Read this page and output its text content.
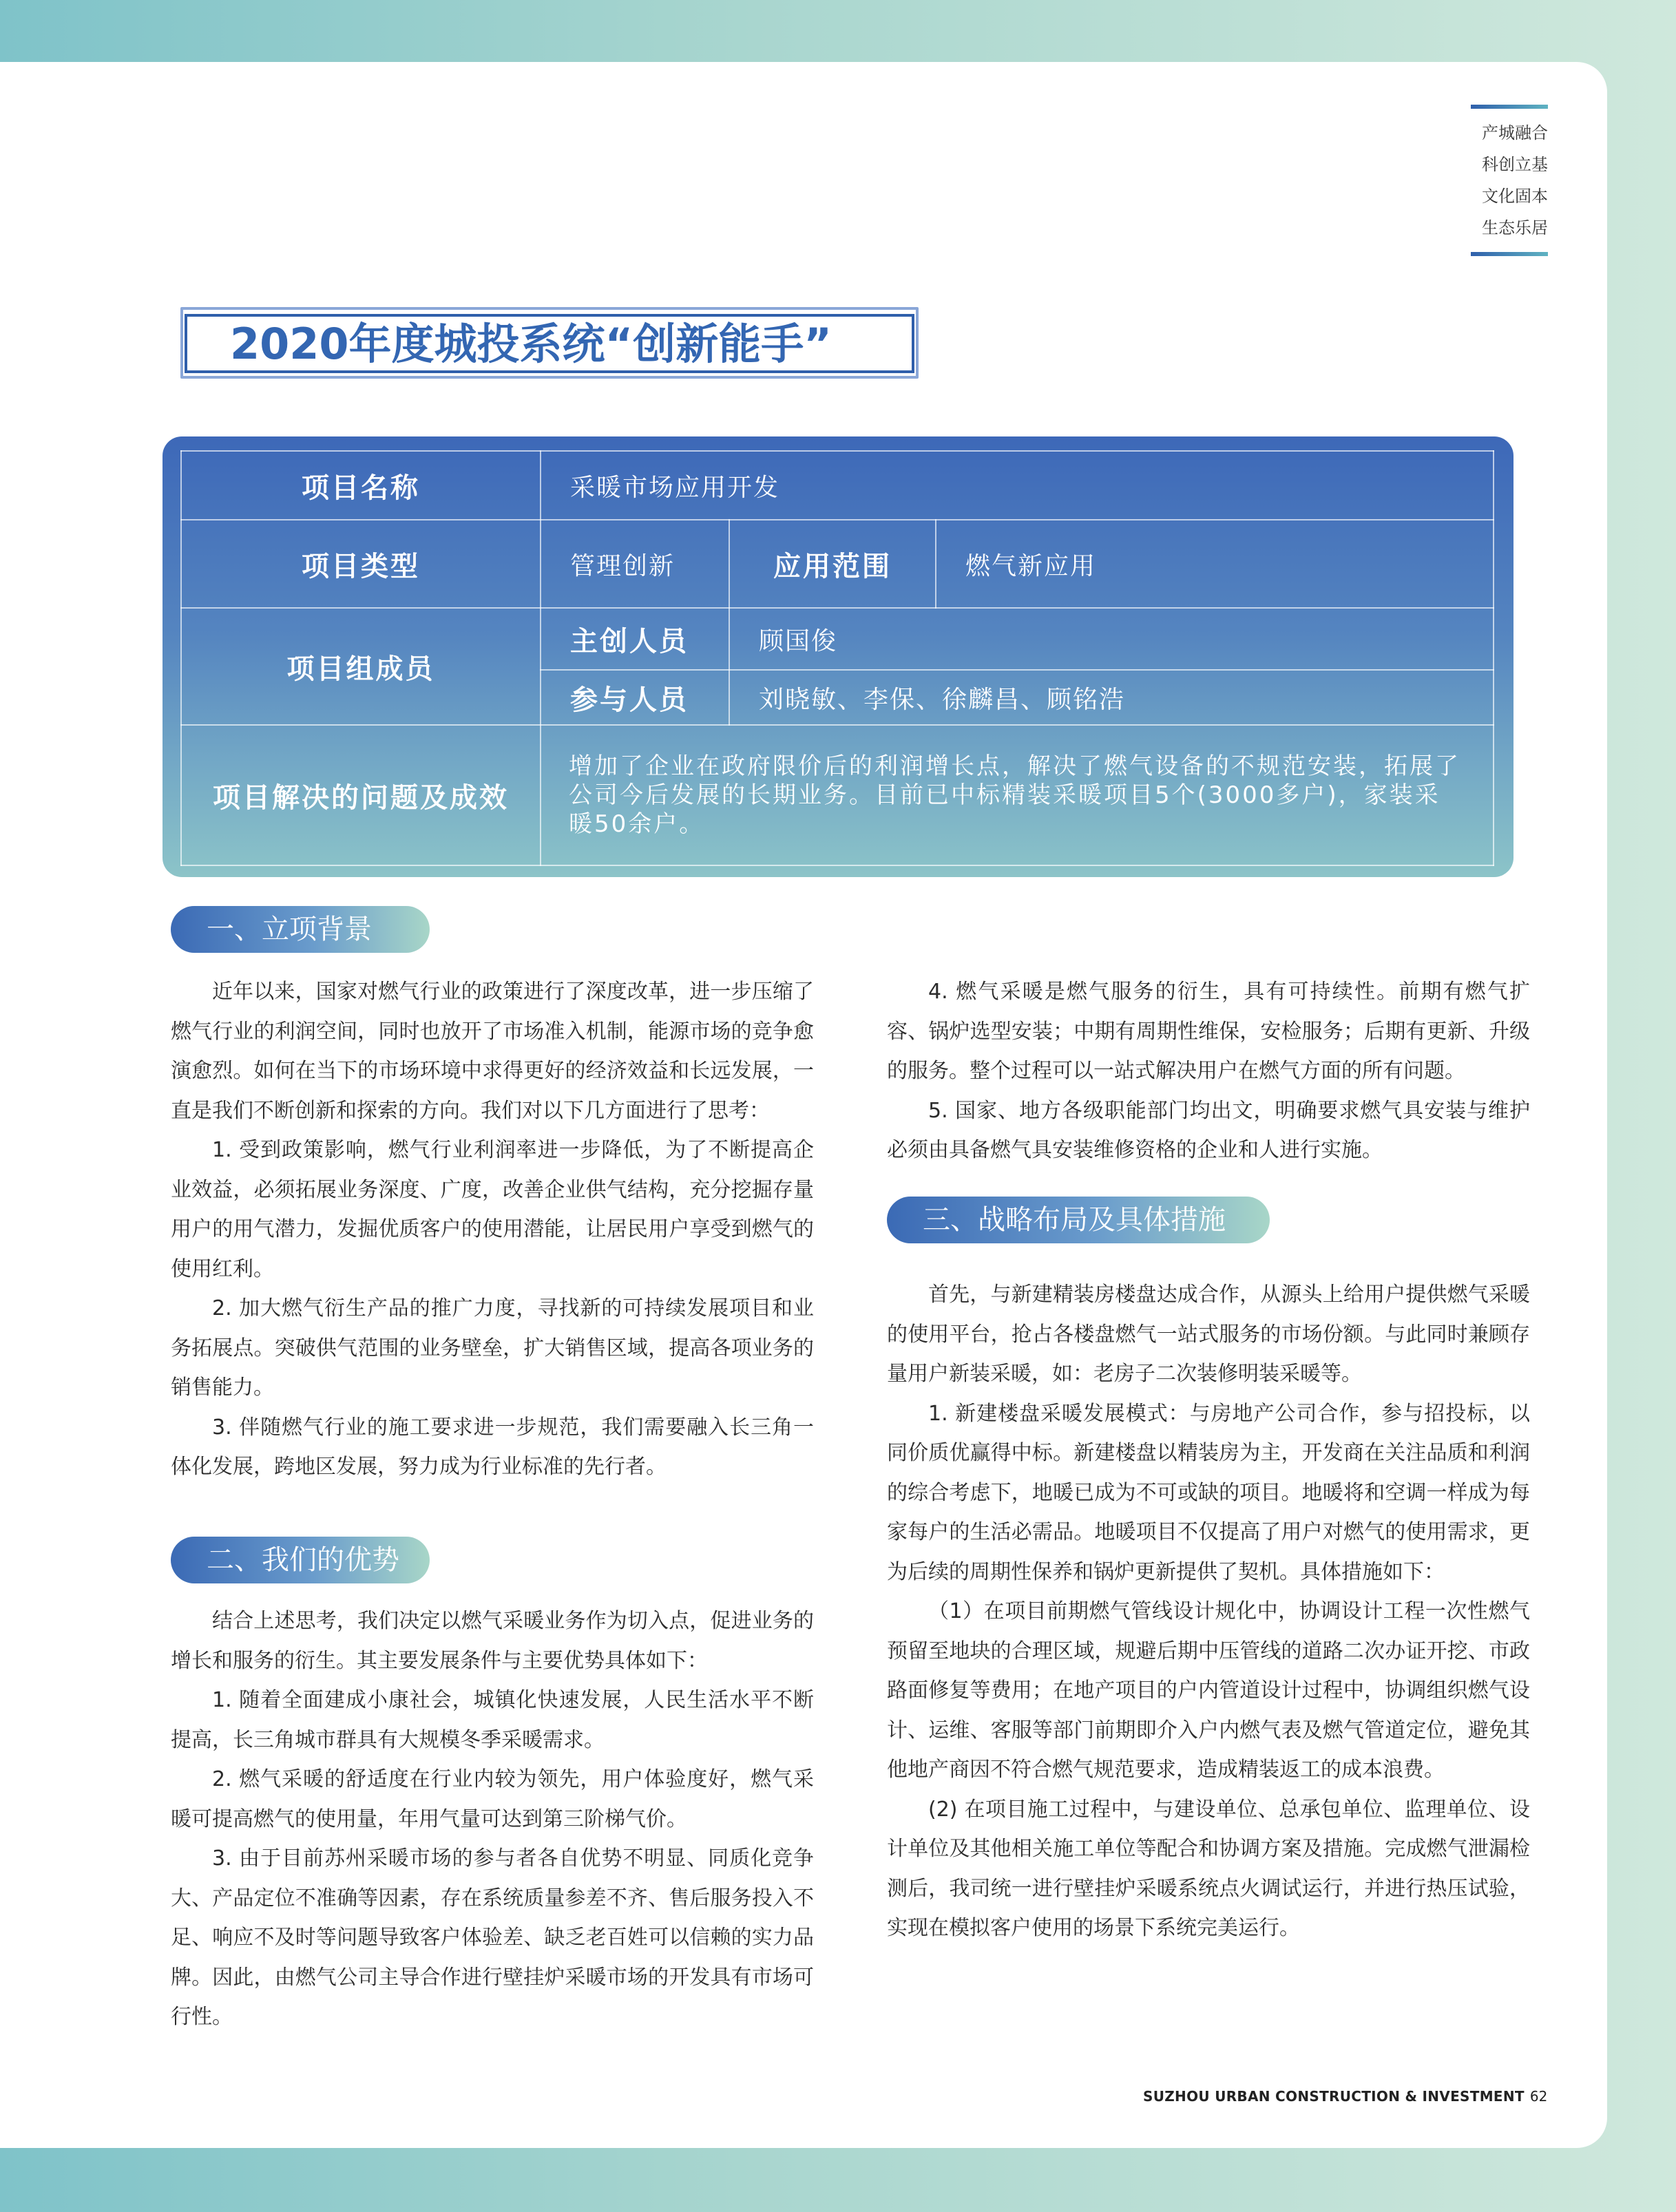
产城融合
科创立基
文化固本
生态乐居
2020年度城投系统“创新能手”
项目名称	采暖市场应用开发		
项目类型	管理创新	应用范围	燃气新应用
项目组成员	主创人员	顾国俊	
	参与人员	刘晓敏、李保、徐麟昌、顾铭浩	
项目解决的问题及成效	增加了企业在政府限价后的利润增长点，解决了燃气设备的不规范安装，拓展了公司今后发展的长期业务。目前已中标精装采暖项目5个(3000多户)，家装采暖50余户。		
一、立项背景

近年以来，国家对燃气行业的政策进行了深度改革，进一步压缩了燃气行业的利润空间，同时也放开了市场准入机制，能源市场的竞争愈演愈烈。如何在当下的市场环境中求得更好的经济效益和长远发展，一直是我们不断创新和探索的方向。我们对以下几方面进行了思考：

1. 受到政策影响，燃气行业利润率进一步降低，为了不断提高企业效益，必须拓展业务深度、广度，改善企业供气结构，充分挖掘存量用户的用气潜力，发掘优质客户的使用潜能，让居民用户享受到燃气的使用红利。

2. 加大燃气衍生产品的推广力度，寻找新的可持续发展项目和业务拓展点。突破供气范围的业务壁垒，扩大销售区域，提高各项业务的销售能力。

3. 伴随燃气行业的施工要求进一步规范，我们需要融入长三角一体化发展，跨地区发展，努力成为行业标准的先行者。

二、我们的优势

结合上述思考，我们决定以燃气采暖业务作为切入点，促进业务的增长和服务的衍生。其主要发展条件与主要优势具体如下：

1. 随着全面建成小康社会，城镇化快速发展，人民生活水平不断提高，长三角城市群具有大规模冬季采暖需求。

2. 燃气采暖的舒适度在行业内较为领先，用户体验度好，燃气采暖可提高燃气的使用量，年用气量可达到第三阶梯气价。

3. 由于目前苏州采暖市场的参与者各自优势不明显、同质化竞争大、产品定位不准确等因素，存在系统质量参差不齐、售后服务投入不足、响应不及时等问题导致客户体验差、缺乏老百姓可以信赖的实力品牌。因此，由燃气公司主导合作进行壁挂炉采暖市场的开发具有市场可行性。

4. 燃气采暖是燃气服务的衍生，具有可持续性。前期有燃气扩容、锅炉选型安装；中期有周期性维保，安检服务；后期有更新、升级的服务。整个过程可以一站式解决用户在燃气方面的所有问题。

5. 国家、地方各级职能部门均出文，明确要求燃气具安装与维护必须由具备燃气具安装维修资格的企业和人进行实施。

三、战略布局及具体措施

首先，与新建精装房楼盘达成合作，从源头上给用户提供燃气采暖的使用平台，抢占各楼盘燃气一站式服务的市场份额。与此同时兼顾存量用户新装采暖，如：老房子二次装修明装采暖等。

1. 新建楼盘采暖发展模式：与房地产公司合作，参与招投标，以同价质优赢得中标。新建楼盘以精装房为主，开发商在关注品质和利润的综合考虑下，地暖已成为不可或缺的项目。地暖将和空调一样成为每家每户的生活必需品。地暖项目不仅提高了用户对燃气的使用需求，更为后续的周期性保养和锅炉更新提供了契机。具体措施如下：

（1）在项目前期燃气管线设计规化中，协调设计工程一次性燃气预留至地块的合理区域，规避后期中压管线的道路二次办证开挖、市政路面修复等费用；在地产项目的户内管道设计过程中，协调组织燃气设计、运维、客服等部门前期即介入户内燃气表及燃气管道定位，避免其他地产商因不符合燃气规范要求，造成精装返工的成本浪费。

(2) 在项目施工过程中，与建设单位、总承包单位、监理单位、设计单位及其他相关施工单位等配合和协调方案及措施。完成燃气泄漏检测后，我司统一进行壁挂炉采暖系统点火调试运行，并进行热压试验，实现在模拟客户使用的场景下系统完美运行。

SUZHOU URBAN CONSTRUCTION & INVESTMENT 62
